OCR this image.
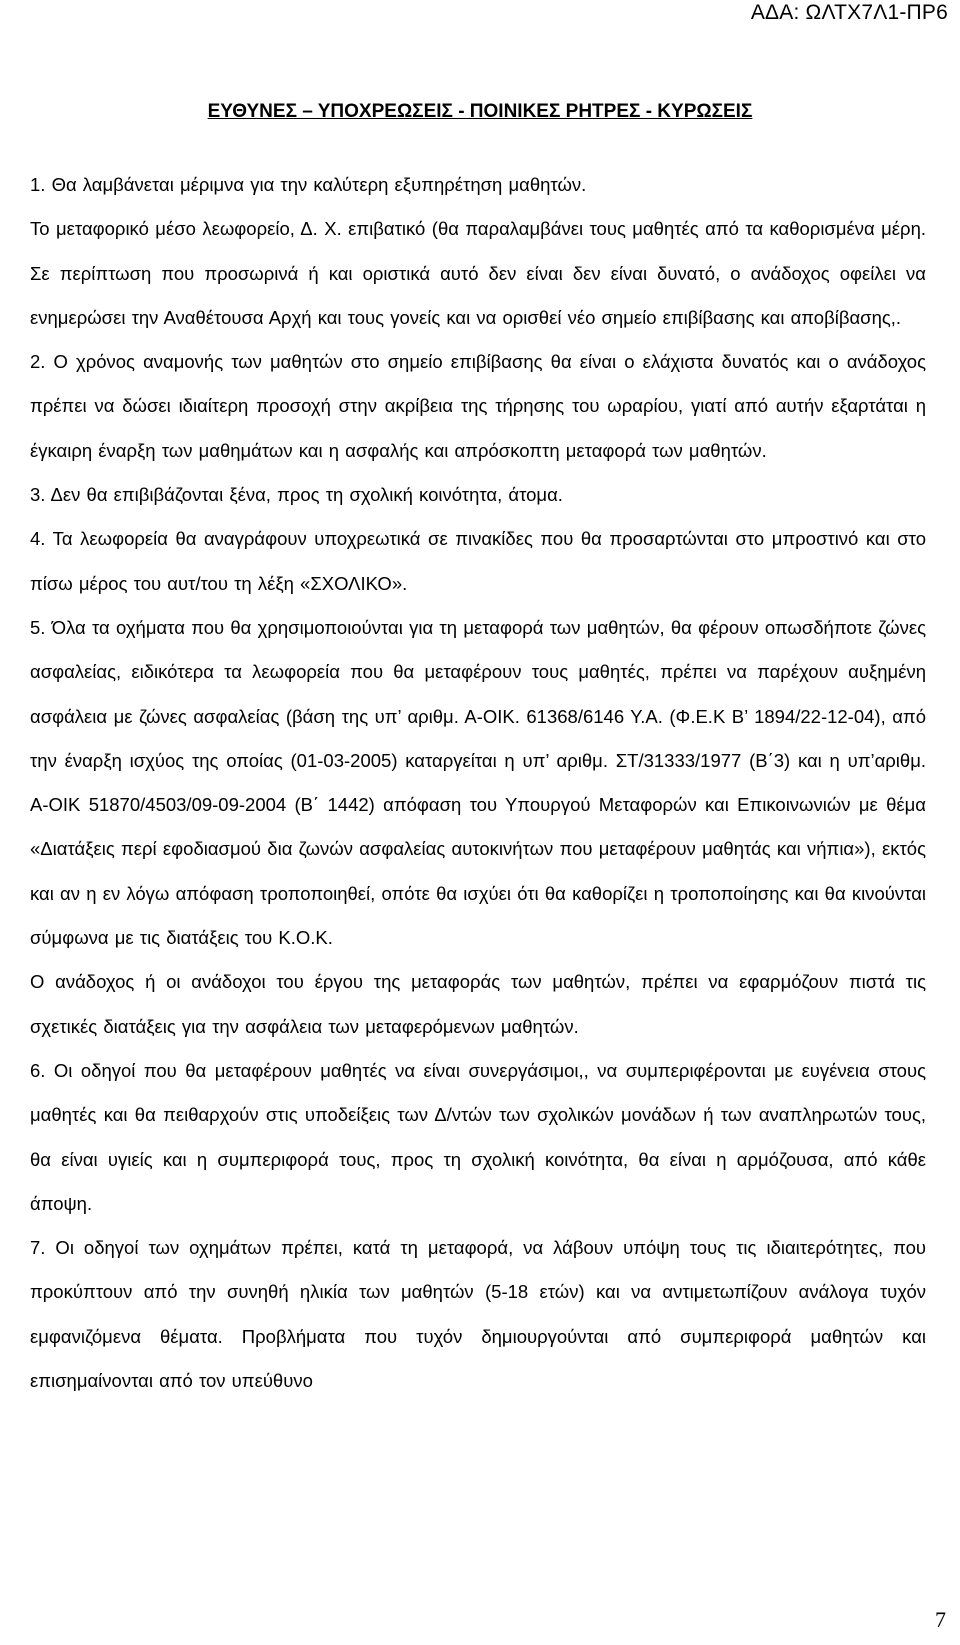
ΑΔΑ: ΩΛΤΧ7Λ1-ΠΡ6
ΕΥΘΥΝΕΣ – ΥΠΟΧΡΕΩΣΕΙΣ - ΠΟΙΝΙΚΕΣ ΡΗΤΡΕΣ - ΚΥΡΩΣΕΙΣ

1. Θα λαμβάνεται μέριμνα για την καλύτερη εξυπηρέτηση μαθητών.

Το μεταφορικό μέσο λεωφορείο, Δ. Χ. επιβατικό (θα παραλαμβάνει τους μαθητές από τα καθορισμένα μέρη. Σε περίπτωση που προσωρινά ή και οριστικά αυτό δεν είναι δεν είναι δυνατό, ο ανάδοχος οφείλει να ενημερώσει την Αναθέτουσα Αρχή και τους γονείς και να ορισθεί νέο σημείο επιβίβασης και αποβίβασης,.

2. Ο χρόνος αναμονής των μαθητών στο σημείο επιβίβασης θα είναι ο ελάχιστα δυνατός και ο ανάδοχος πρέπει να δώσει ιδιαίτερη προσοχή στην ακρίβεια της τήρησης του ωραρίου, γιατί από αυτήν εξαρτάται η έγκαιρη έναρξη των μαθημάτων και η ασφαλής και απρόσκοπτη μεταφορά των μαθητών.

3. Δεν θα επιβιβάζονται ξένα, προς τη σχολική κοινότητα, άτομα.

4. Τα λεωφορεία θα αναγράφουν υποχρεωτικά σε πινακίδες που θα προσαρτώνται στο μπροστινό και στο πίσω μέρος του αυτ/του τη λέξη «ΣΧΟΛΙΚΟ».

5. Όλα τα οχήματα που θα χρησιμοποιούνται για τη μεταφορά των μαθητών, θα φέρουν οπωσδήποτε ζώνες ασφαλείας, ειδικότερα τα λεωφορεία που θα μεταφέρουν τους μαθητές, πρέπει να παρέχουν αυξημένη ασφάλεια με ζώνες ασφαλείας (βάση της υπ’ αριθμ. Α-ΟΙΚ. 61368/6146 Υ.Α. (Φ.Ε.Κ Β’ 1894/22-12-04), από την έναρξη ισχύος της οποίας (01-03-2005) καταργείται η υπ’ αριθμ. ΣΤ/31333/1977 (Β΄3) και η υπ’αριθμ. Α-ΟΙΚ 51870/4503/09-09-2004 (Β΄ 1442) απόφαση του Υπουργού Μεταφορών και Επικοινωνιών με θέμα «Διατάξεις περί εφοδιασμού δια ζωνών ασφαλείας αυτοκινήτων που μεταφέρουν μαθητάς και νήπια»), εκτός και αν η εν λόγω απόφαση τροποποιηθεί, οπότε θα ισχύει ότι θα καθορίζει η τροποποίησης και θα κινούνται σύμφωνα με τις διατάξεις του Κ.Ο.Κ.

Ο ανάδοχος ή οι ανάδοχοι του έργου της μεταφοράς των μαθητών, πρέπει να εφαρμόζουν πιστά τις σχετικές διατάξεις για την ασφάλεια των μεταφερόμενων μαθητών.

6. Οι οδηγοί που θα μεταφέρουν μαθητές να είναι συνεργάσιμοι,, να συμπεριφέρονται με ευγένεια στους μαθητές και θα πειθαρχούν στις υποδείξεις των Δ/ντών των σχολικών μονάδων ή των αναπληρωτών τους, θα είναι υγιείς και η συμπεριφορά τους, προς τη σχολική κοινότητα, θα είναι η αρμόζουσα, από κάθε άποψη.

7. Οι οδηγοί των οχημάτων πρέπει, κατά τη μεταφορά, να λάβουν υπόψη τους τις ιδιαιτερότητες, που προκύπτουν από την συνηθή ηλικία των μαθητών (5-18 ετών) και να αντιμετωπίζουν ανάλογα τυχόν εμφανιζόμενα θέματα. Προβλήματα που τυχόν δημιουργούνται από συμπεριφορά μαθητών και επισημαίνονται από τον υπεύθυνο

7
